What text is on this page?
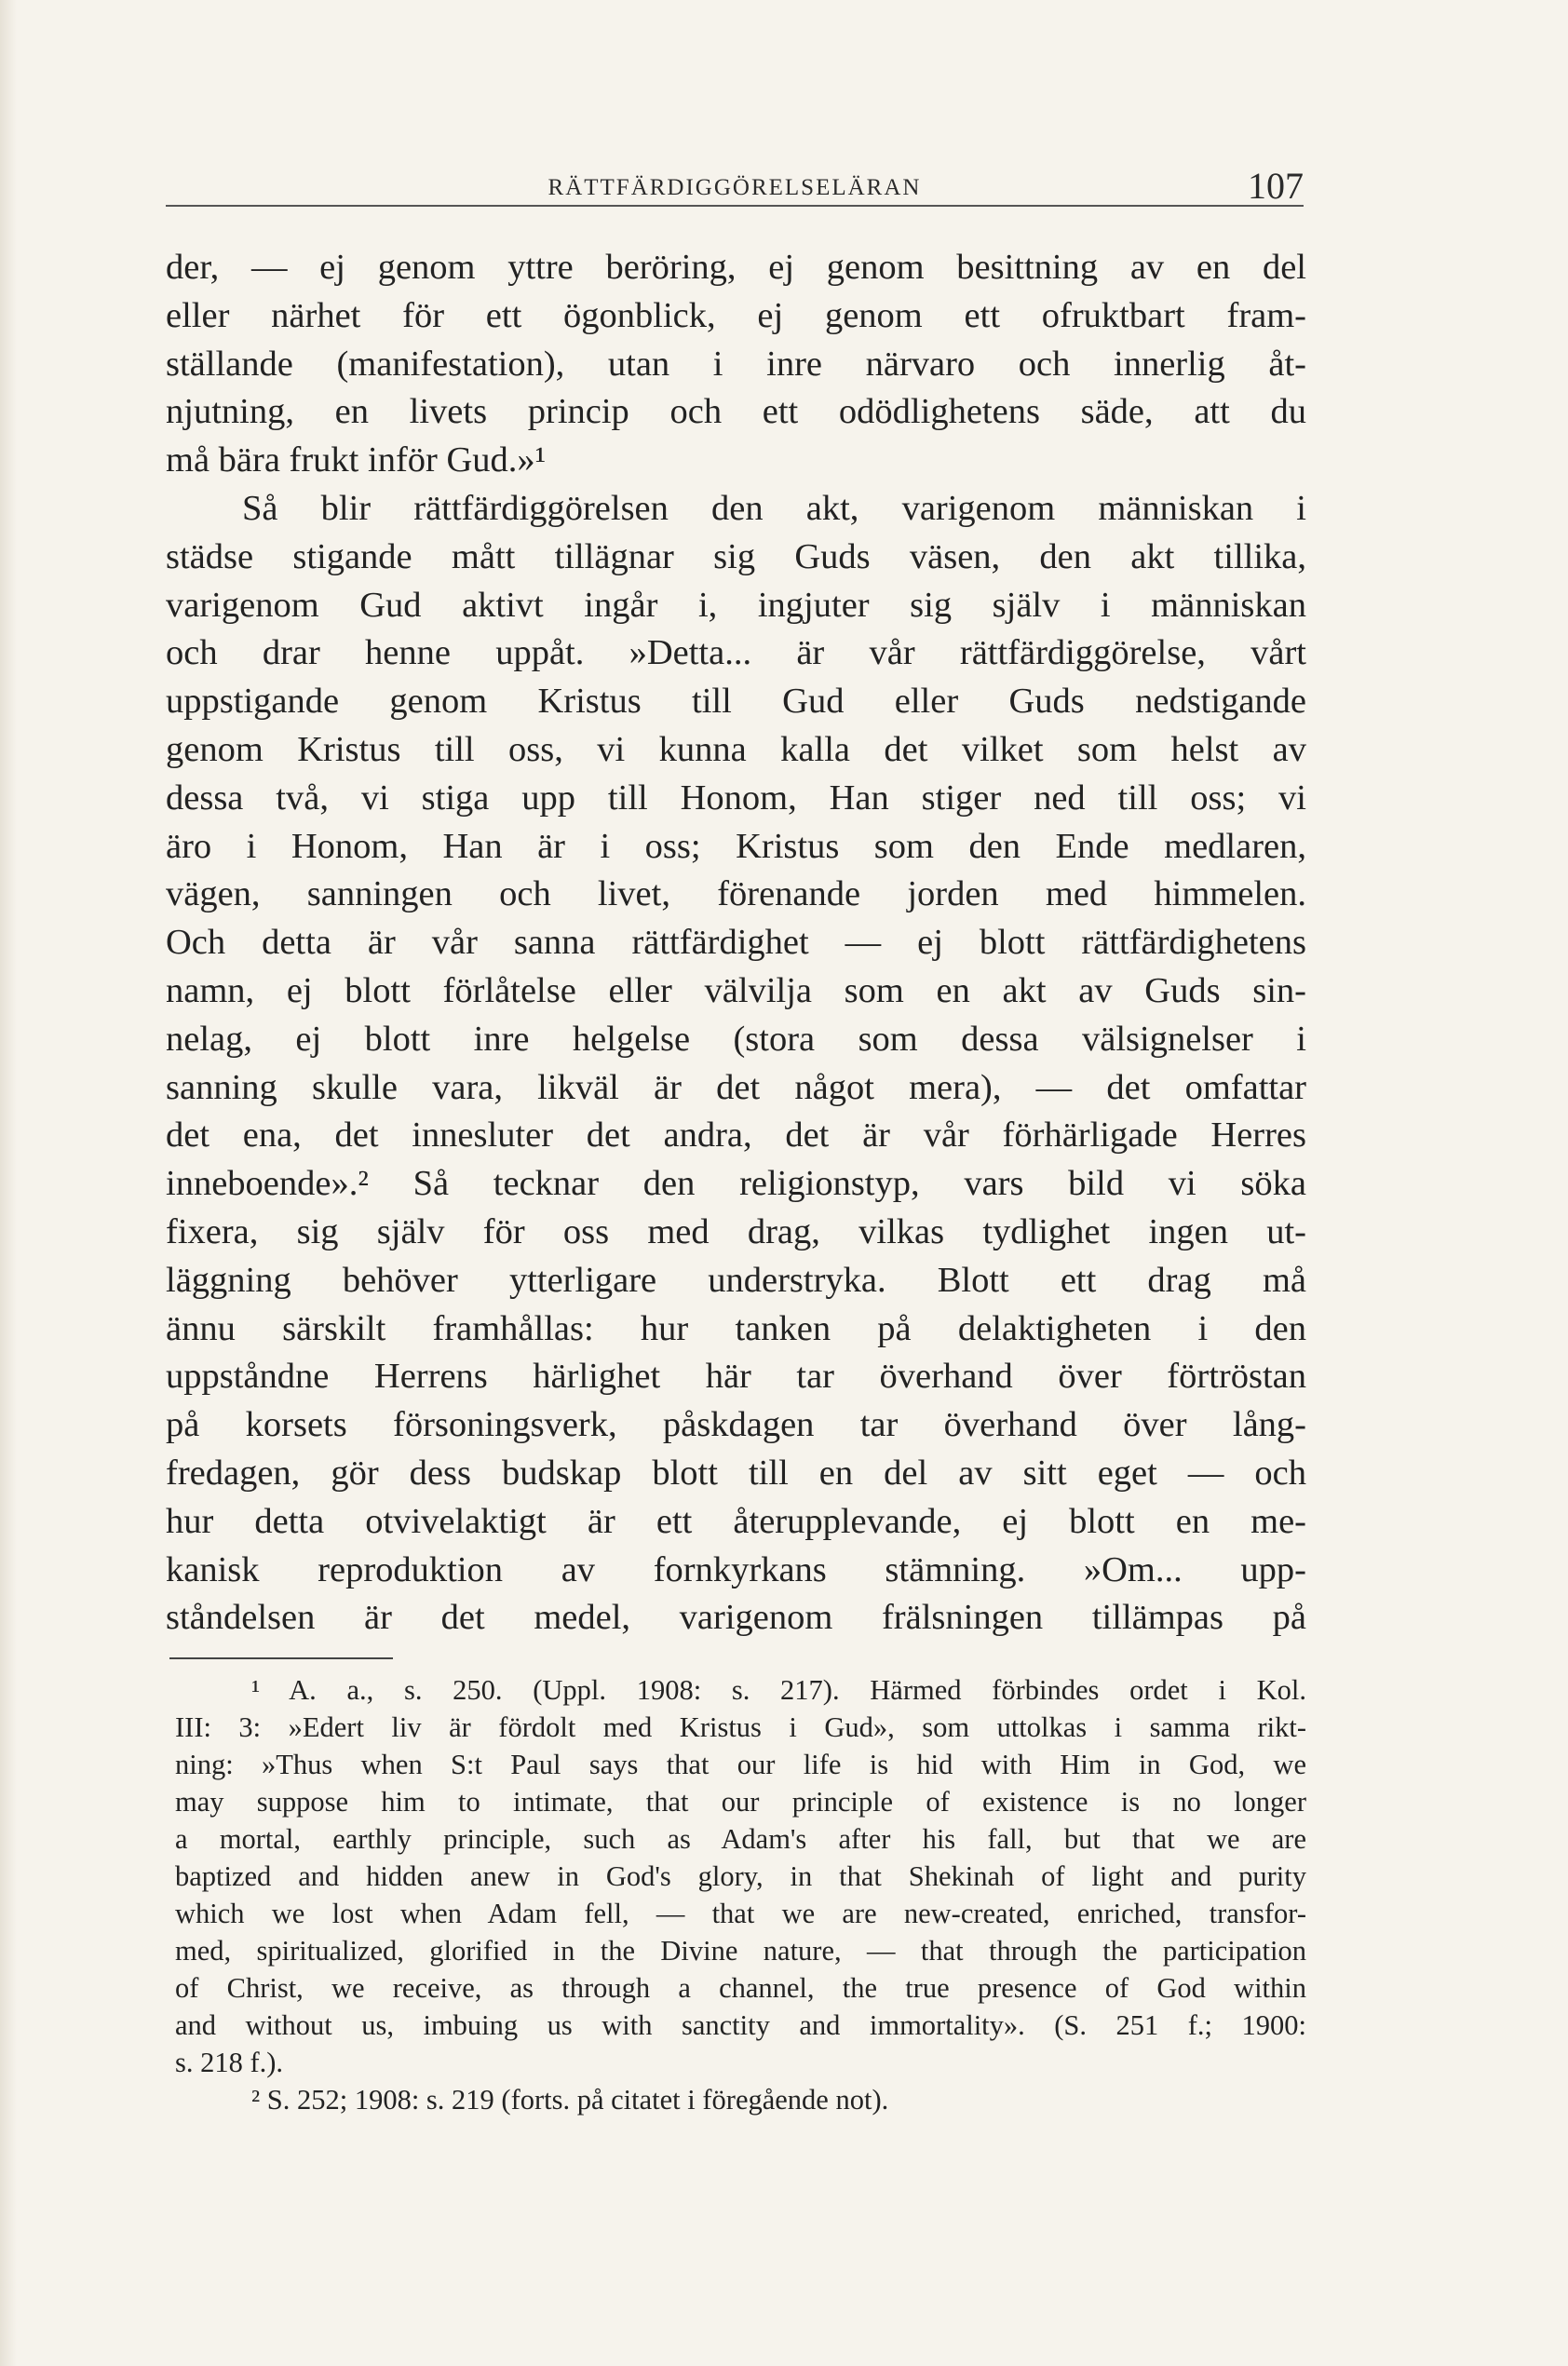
RÄTTFÄRDIGGÖRELSELÄRAN	107
der, — ej genom yttre beröring, ej genom besittning av en del
eller närhet för ett ögonblick, ej genom ett ofruktbart fram-
ställande (manifestation), utan i inre närvaro och innerlig åt-
njutning, en livets princip och ett odödlighetens säde, att du
må bära frukt inför Gud.»¹
Så blir rättfärdiggörelsen den akt, varigenom människan i
städse stigande mått tillägnar sig Guds väsen, den akt tillika,
varigenom Gud aktivt ingår i, ingjuter sig själv i människan
och drar henne uppåt. »Detta... är vår rättfärdiggörelse, vårt
uppstigande genom Kristus till Gud eller Guds nedstigande
genom Kristus till oss, vi kunna kalla det vilket som helst av
dessa två, vi stiga upp till Honom, Han stiger ned till oss; vi
äro i Honom, Han är i oss; Kristus som den Ende medlaren,
vägen, sanningen och livet, förenande jorden med himmelen.
Och detta är vår sanna rättfärdighet — ej blott rättfärdighetens
namn, ej blott förlåtelse eller välvilja som en akt av Guds sin-
nelag, ej blott inre helgelse (stora som dessa välsignelser i
sanning skulle vara, likväl är det något mera), — det omfattar
det ena, det innesluter det andra, det är vår förhärligade Herres
inneboende».² Så tecknar den religionstyp, vars bild vi söka
fixera, sig själv för oss med drag, vilkas tydlighet ingen ut-
läggning behöver ytterligare understryka. Blott ett drag må
ännu särskilt framhållas: hur tanken på delaktigheten i den
uppståndne Herrens härlighet här tar överhand över förtröstan
på korsets försoningsverk, påskdagen tar överhand över lång-
fredagen, gör dess budskap blott till en del av sitt eget — och
hur detta otvivelaktigt är ett återupplevande, ej blott en me-
kanisk reproduktion av fornkyrkans stämning. »Om... upp-
ståndelsen är det medel, varigenom frälsningen tillämpas på
¹ A. a., s. 250. (Uppl. 1908: s. 217). Härmed förbindes ordet i Kol.
III: 3: »Edert liv är fördolt med Kristus i Gud», som uttolkas i samma rikt-
ning: »Thus when S:t Paul says that our life is hid with Him in God, we
may suppose him to intimate, that our principle of existence is no longer
a mortal, earthly principle, such as Adam's after his fall, but that we are
baptized and hidden anew in God's glory, in that Shekinah of light and purity
which we lost when Adam fell, — that we are new-created, enriched, transfor-
med, spiritualized, glorified in the Divine nature, — that through the participation
of Christ, we receive, as through a channel, the true presence of God within
and without us, imbuing us with sanctity and immortality». (S. 251 f.; 1900:
s. 218 f.).
² S. 252; 1908: s. 219 (forts. på citatet i föregående not).
